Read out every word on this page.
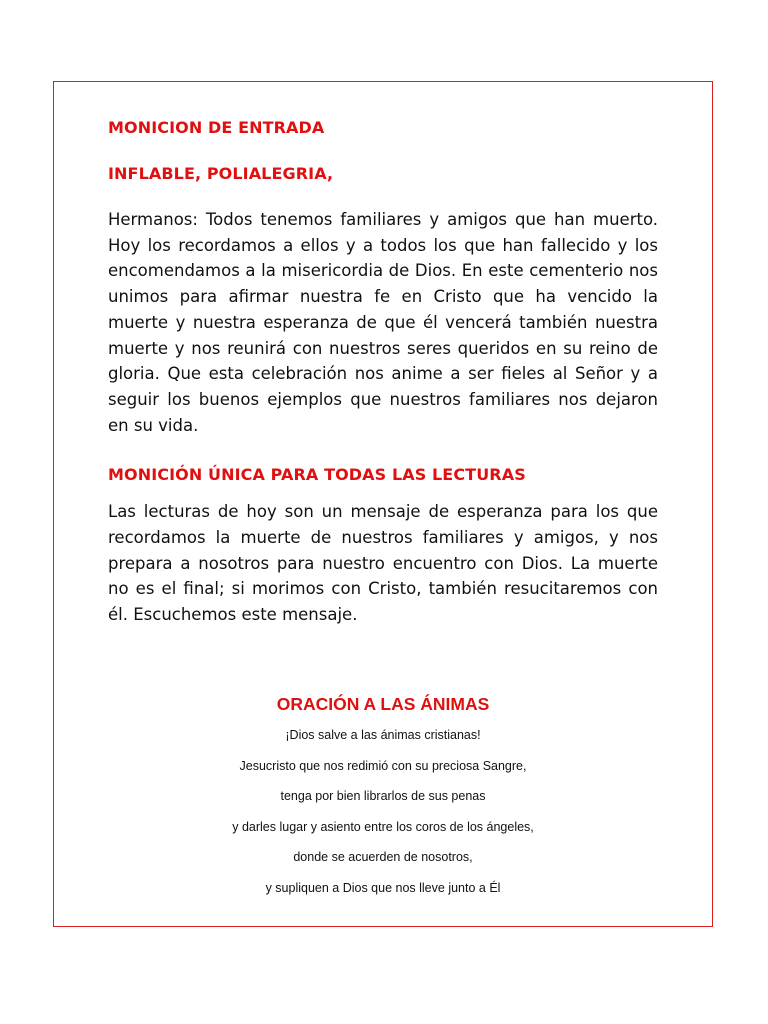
MONICION DE ENTRADA

INFLABLE, POLIALEGRIA,

Hermanos: Todos tenemos familiares y amigos que han muerto. Hoy los recordamos a ellos y a todos los que han fallecido y los encomendamos a la misericordia de Dios. En este cementerio nos unimos para afirmar nuestra fe en Cristo que ha vencido la muerte y nuestra esperanza de que él vencerá también nuestra muerte y nos reunirá con nuestros seres queridos en su reino de gloria. Que esta celebración nos anime a ser fieles al Señor y a seguir los buenos ejemplos que nuestros familiares nos dejaron en su vida.

MONICIÓN ÚNICA PARA TODAS LAS LECTURAS

Las lecturas de hoy son un mensaje de esperanza para los que recordamos la muerte de nuestros familiares y amigos, y nos prepara a nosotros para nuestro encuentro con Dios. La muerte no es el final; si morimos con Cristo, también resucitaremos con él. Escuchemos este mensaje.

ORACIÓN A LAS ÁNIMAS

¡Dios salve a las ánimas cristianas!

Jesucristo que nos redimió con su preciosa Sangre,

tenga por bien librarlos de sus penas

y darles lugar y asiento entre los coros de los ángeles,

donde se acuerden de nosotros,

y supliquen a Dios que nos lleve junto a Él
